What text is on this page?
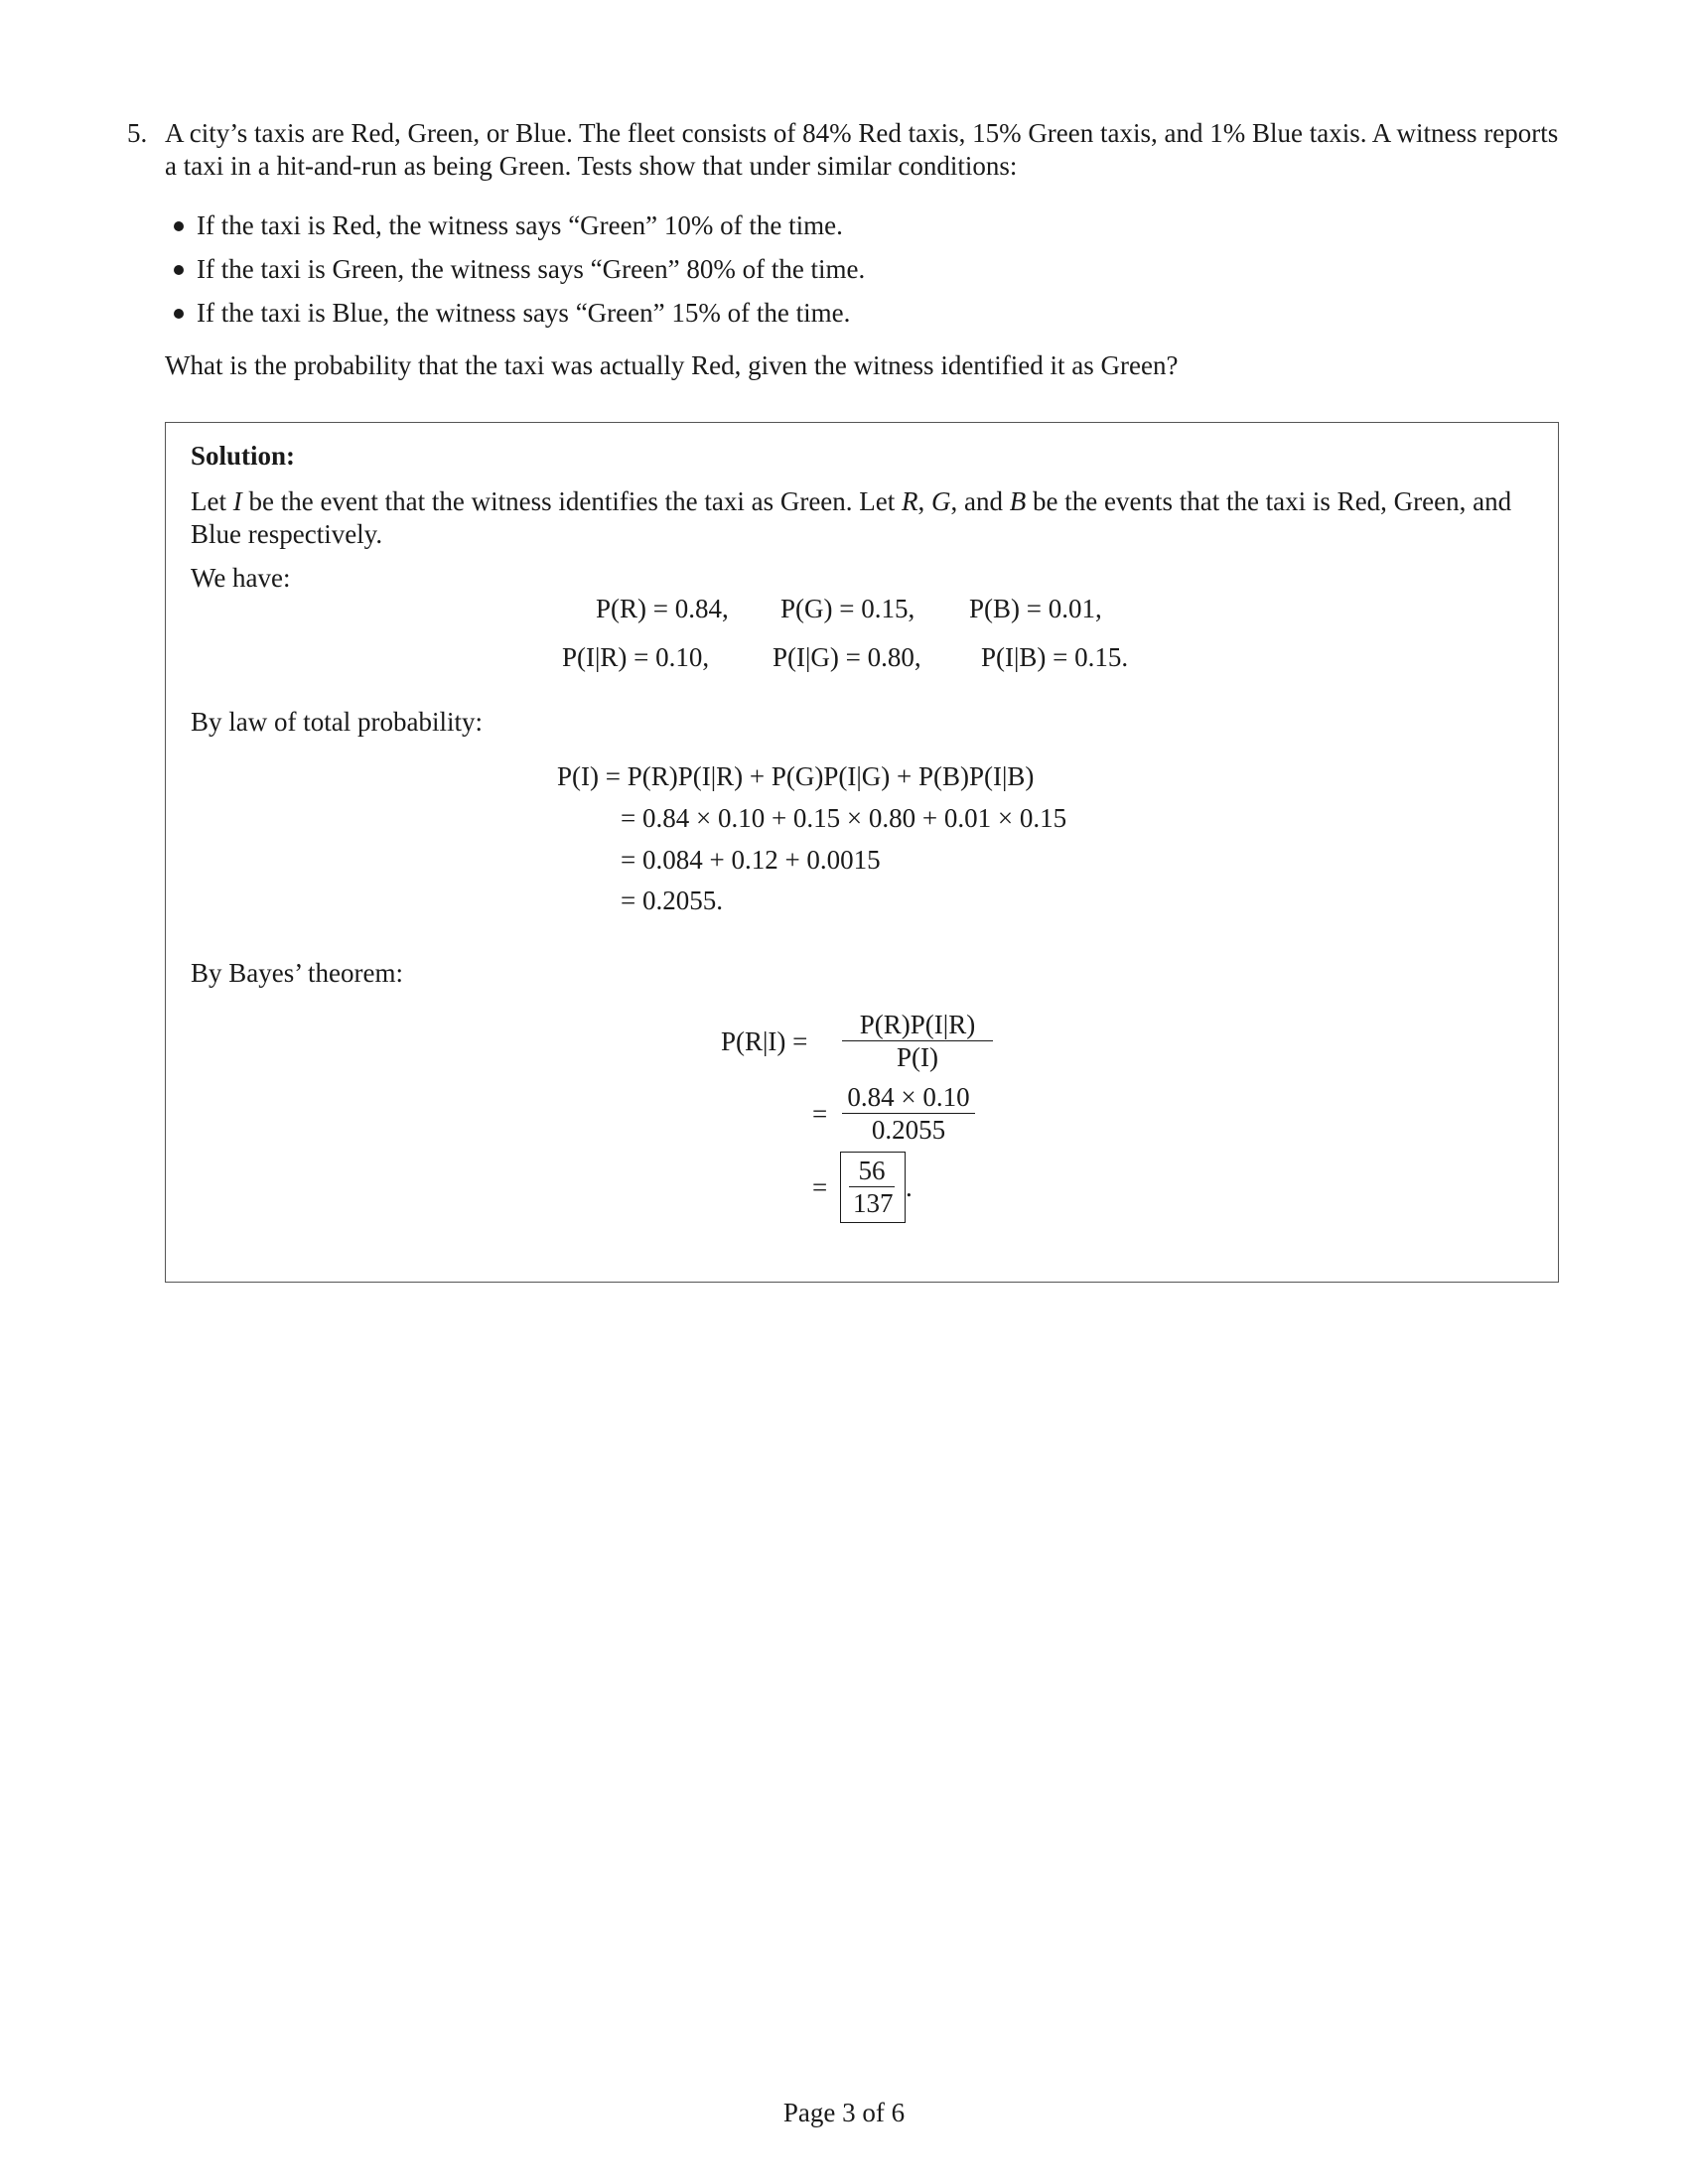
5. A city’s taxis are Red, Green, or Blue. The fleet consists of 84% Red taxis, 15% Green taxis, and 1% Blue taxis. A witness reports a taxi in a hit-and-run as being Green. Tests show that under similar conditions:
If the taxi is Red, the witness says “Green” 10% of the time.
If the taxi is Green, the witness says “Green” 80% of the time.
If the taxi is Blue, the witness says “Green” 15% of the time.
What is the probability that the taxi was actually Red, given the witness identified it as Green?
Solution:
Let I be the event that the witness identifies the taxi as Green. Let R, G, and B be the events that the taxi is Red, Green, and Blue respectively.
We have:
P(R) = 0.84, P(G) = 0.15, P(B) = 0.01,
P(I|R) = 0.10, P(I|G) = 0.80, P(I|B) = 0.15.
By law of total probability:
P(I) = P(R)P(I|R) + P(G)P(I|G) + P(B)P(I|B)
= 0.84 × 0.10 + 0.15 × 0.80 + 0.01 × 0.15
= 0.084 + 0.12 + 0.0015
= 0.2055.
By Bayes’ theorem:
P(R|I) =
P(R)P(I|R)
P(I)
=
0.84 × 0.10
0.2055
=
56
137
.
Page 3 of 6
